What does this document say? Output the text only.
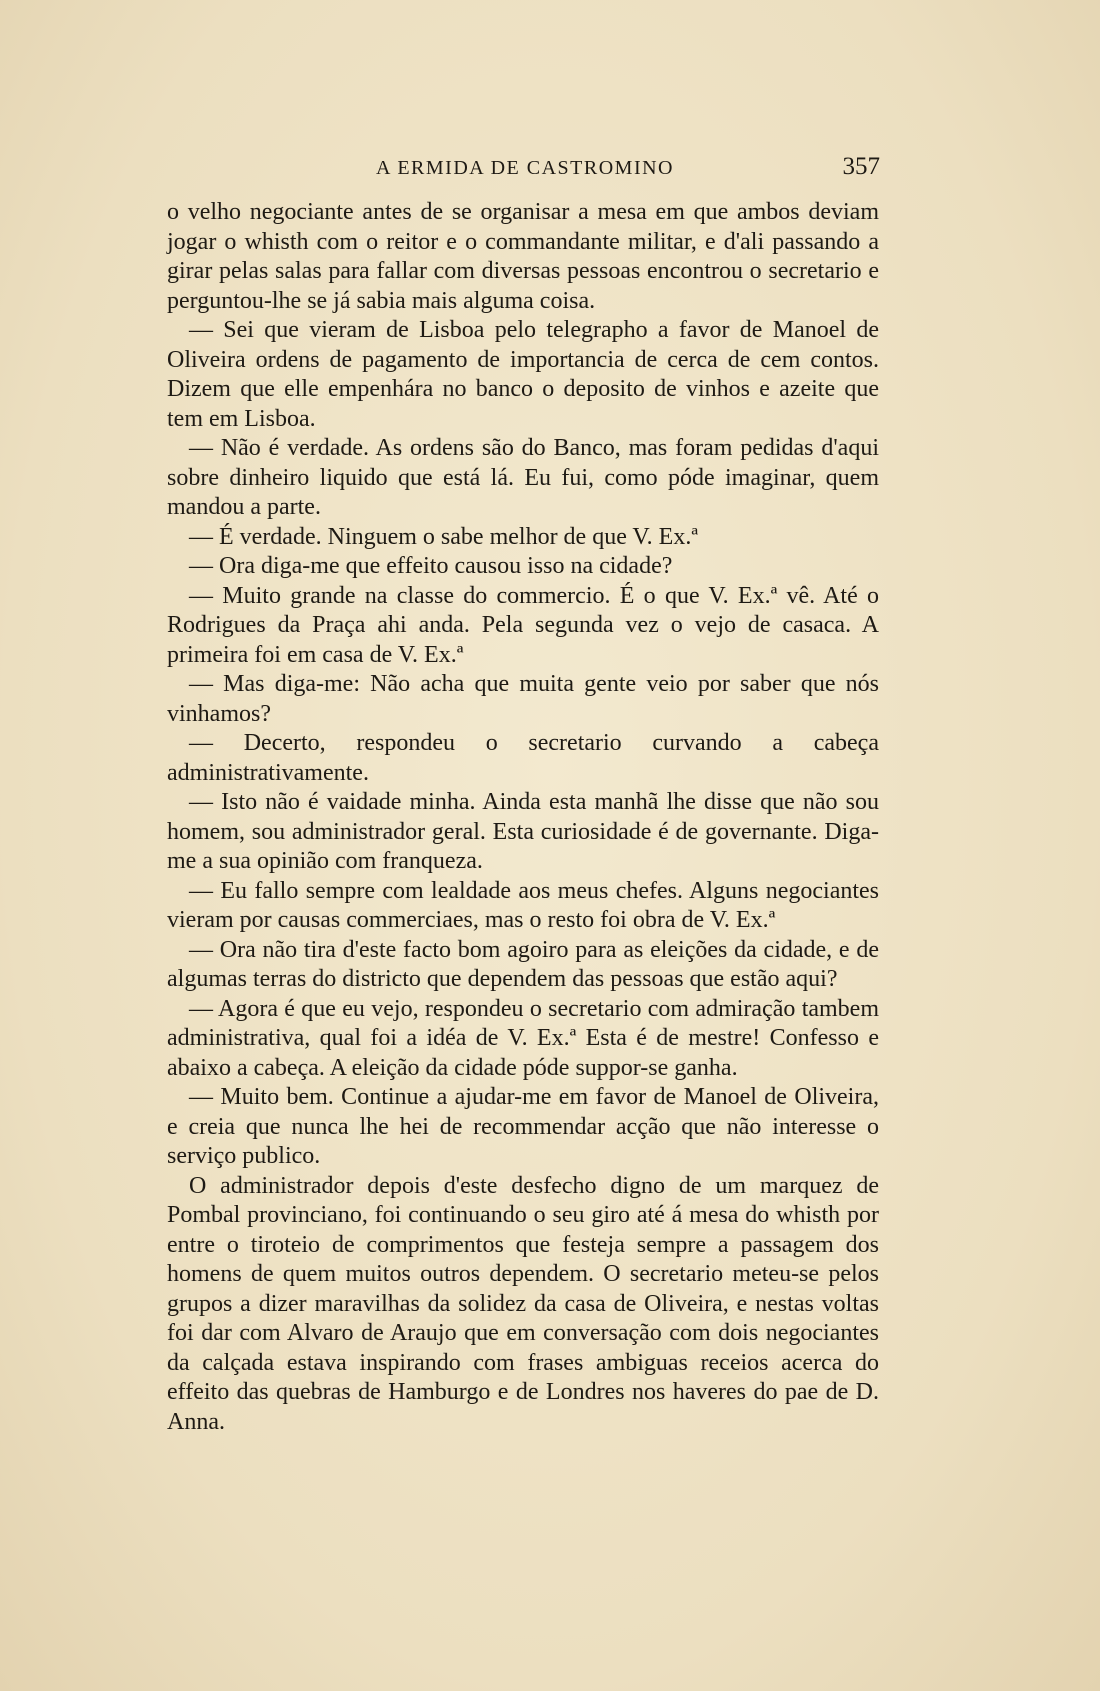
A ERMIDA DE CASTROMINO	357

o velho negociante antes de se organisar a mesa em que ambos deviam jogar o whisth com o reitor e o commandante militar, e d'ali passando a girar pelas salas para fallar com diversas pessoas encontrou o secretario e perguntou-lhe se já sabia mais alguma coisa.

— Sei que vieram de Lisboa pelo telegrapho a favor de Manoel de Oliveira ordens de pagamento de importancia de cerca de cem contos. Dizem que elle empenhára no banco o deposito de vinhos e azeite que tem em Lisboa.

— Não é verdade. As ordens são do Banco, mas foram pedidas d'aqui sobre dinheiro liquido que está lá. Eu fui, como póde imaginar, quem mandou a parte.

— É verdade. Ninguem o sabe melhor de que V. Ex.ª

— Ora diga-me que effeito causou isso na cidade?

— Muito grande na classe do commercio. É o que V. Ex.ª vê. Até o Rodrigues da Praça ahi anda. Pela segunda vez o vejo de casaca. A primeira foi em casa de V. Ex.ª

— Mas diga-me: Não acha que muita gente veio por saber que nós vinhamos?

— Decerto, respondeu o secretario curvando a cabeça administrativamente.

— Isto não é vaidade minha. Ainda esta manhã lhe disse que não sou homem, sou administrador geral. Esta curiosidade é de governante. Diga-me a sua opinião com franqueza.

— Eu fallo sempre com lealdade aos meus chefes. Alguns negociantes vieram por causas commerciaes, mas o resto foi obra de V. Ex.ª

— Ora não tira d'este facto bom agoiro para as eleições da cidade, e de algumas terras do districto que dependem das pessoas que estão aqui?

— Agora é que eu vejo, respondeu o secretario com admiração tambem administrativa, qual foi a idéa de V. Ex.ª Esta é de mestre! Confesso e abaixo a cabeça. A eleição da cidade póde suppor-se ganha.

— Muito bem. Continue a ajudar-me em favor de Manoel de Oliveira, e creia que nunca lhe hei de recommendar acção que não interesse o serviço publico.

O administrador depois d'este desfecho digno de um marquez de Pombal provinciano, foi continuando o seu giro até á mesa do whisth por entre o tiroteio de comprimentos que festeja sempre a passagem dos homens de quem muitos outros dependem. O secretario meteu-se pelos grupos a dizer maravilhas da solidez da casa de Oliveira, e nestas voltas foi dar com Alvaro de Araujo que em conversação com dois negociantes da calçada estava inspirando com frases ambiguas receios acerca do effeito das quebras de Hamburgo e de Londres nos haveres do pae de D. Anna.
